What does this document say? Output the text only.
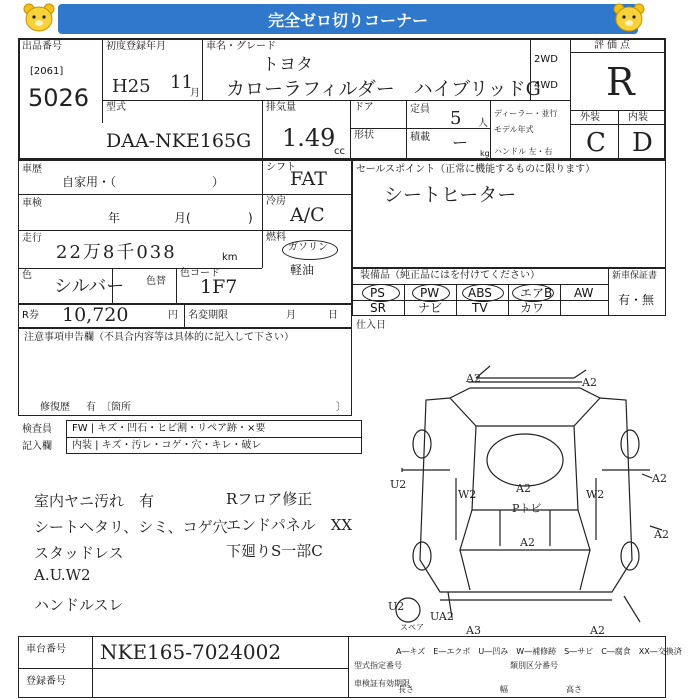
完全ゼロ切りコーナー
出品番号
[2061]
5026
初度登録年月
H25 11
月
車名・グレード
トヨタ
カローラフィルダー　ハイブリッドG
2WD
4WD
評価点
R
外装	内装
C D
型式
DAA-NKE165G
排気量
1.49
cc
ドア
形状
定員 5 人
積載 ー
kg
ディーラー・並行
モデル年式
ハンドル 左・右
車歴
自家用・（　　　　　　　　）
シフト
FAT
車検
年	月(	)
冷房
A/C
走行
22万8千038	km
燃料
ガソリン
軽油
色
シルバー 色替
色コード
1F7
R券 10,720	円 名変期限	月	日
セールスポイント（正常に機能するものに限ります）
シートヒーター
装備品（純正品にはを付けてください）	新車保証書
有・無
PS	PW ABS エアB AW
SR	ナビ TV	カワ
仕入日
注意事項申告欄（不具合内容等は具体的に記入して下さい）
修復歴 有　〔箇所	〕
検査員 FW | キズ・凹石・ヒビ割・リペア跡・×要
記入欄 内装 | キズ・汚レ・コゲ・穴・キレ・破レ
室内ヤニ汚れ　有
シートヘタリ、シミ、コゲ穴
スタッドレス
A.U.W2
ハンドルスレ
Rフロア修正
エンドパネル　XX
下廻りS一部C
A2	A2
A2
U2
W2	A2	W2
A2
A2
U2
UA2
A3	A2
Pトビ
スペア
A―キズ　E―エクボ　U―凹み　W―補修跡　S―サビ　C―腐食　XX―交換済
車台番号 NKE165-7024002
登録番号
型式指定番号	類別区分番号
車検証有効期限
長さ	幅	高さ
